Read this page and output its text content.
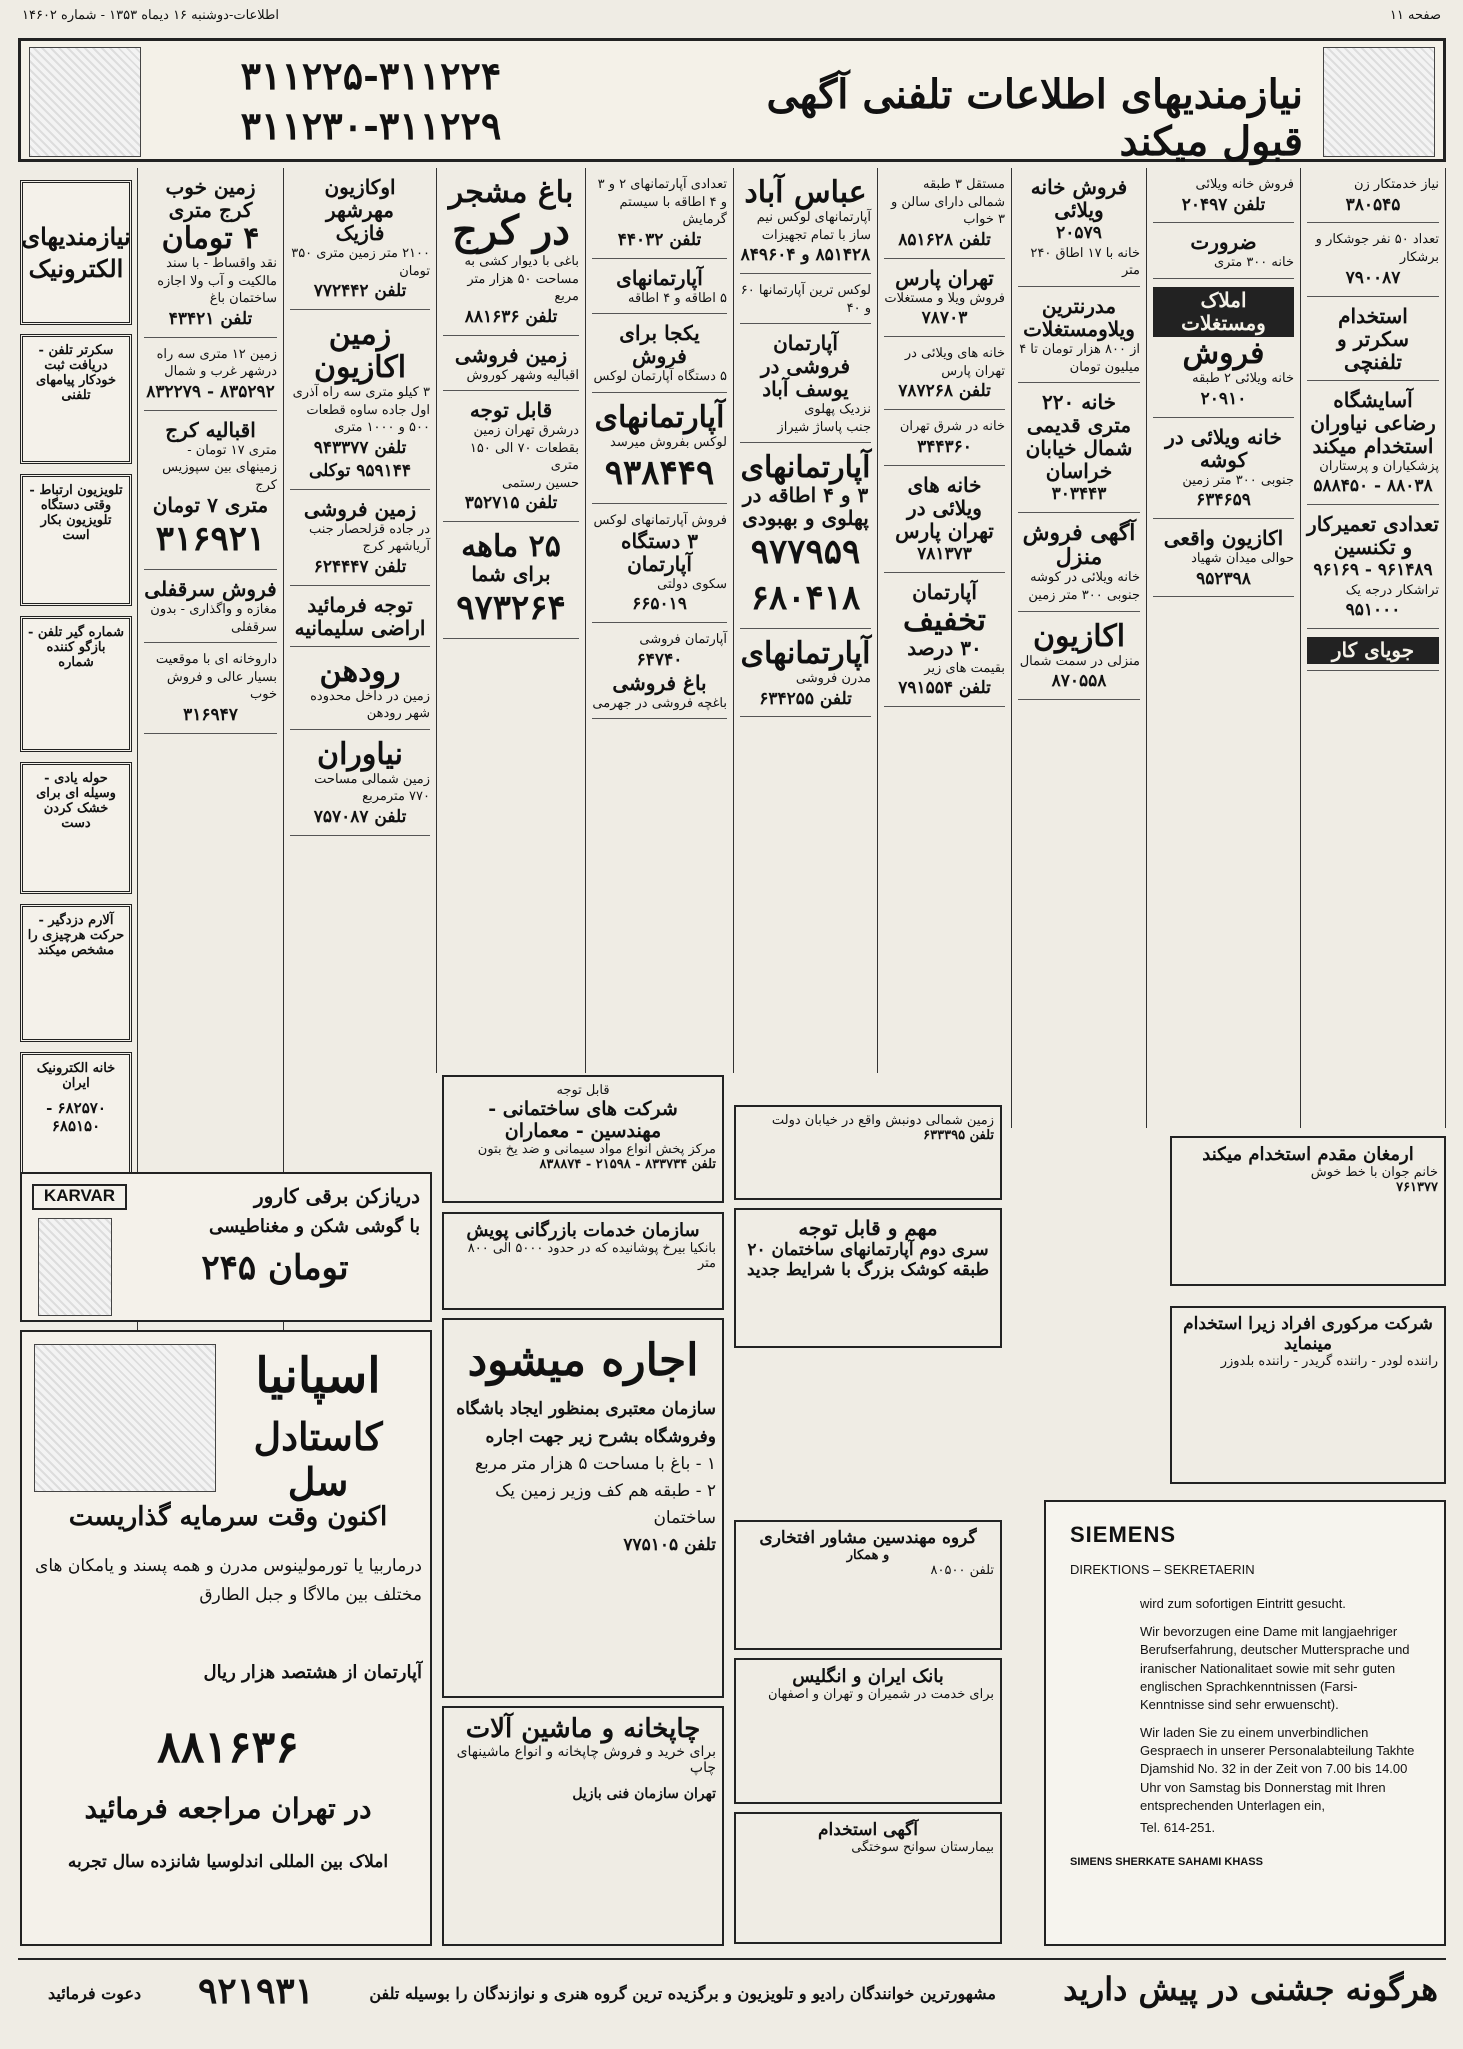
صفحه ۱۱
اطلاعات-دوشنبه ۱۶ دیماه ۱۳۵۳ - شماره ۱۴۶۰۲
نیازمندیهای اطلاعات تلفنی آگهی قبول میکند
۳۱۱۲۲۵-۳۱۱۲۲۴
۳۱۱۲۳۰-۳۱۱۲۲۹
نیازمندیهای الکترونیک
سکرتر تلفن - دریافت ثبت خودکار پیامهای تلفنی
تلویزیون ارتباط - وقتی دستگاه تلویزیون بکار است
شماره گیر تلفن - بازگو کننده شماره
حوله یادی - وسیله ای برای خشک کردن دست
آلارم دزدگیر - حرکت هرچیزی را مشخص میکند
خانه الکترونیک ایران
۶۸۲۵۷۰ - ۶۸۵۱۵۰
زمین خوب
کرج متری
۴ تومان
نقد واقساط - با سند مالکیت و آب ولا اجازه ساختمان باغ
تلفن ۴۳۴۲۱
زمین ۱۲ متری سه راه درشهر غرب و شمال
۸۳۵۲۹۲ - ۸۳۲۲۷۹
اقبالیه کرج
متری ۱۷ تومان - زمینهای بین سپوزیس کرج
متری ۷ تومان
۳۱۶۹۲۱
فروش سرقفلی
مغازه و واگذاری - بدون سرقفلی
داروخانه ای با موقعیت بسیار عالی و فروش خوب
۳۱۶۹۴۷
اوکازیون
مهرشهر
فازیک
۲۱۰۰ متر زمین متری ۳۵۰ تومان
تلفن ۷۷۲۴۴۲
زمین
اکازیون
۳ کیلو متری سه راه آذری اول جاده ساوه قطعات ۵۰۰ و ۱۰۰۰ متری
تلفن ۹۴۳۳۷۷
۹۵۹۱۴۴ توکلی
زمین فروشی
در جاده قزلحصار جنب آریاشهر کرج
تلفن ۶۲۴۴۴۷
توجه فرمائید
اراضی سلیمانیه
رودهن
زمین در داخل محدوده شهر رودهن
نیاوران
زمین شمالی مساحت ۷۷۰ مترمربع
تلفن ۷۵۷۰۸۷
باغ مشجر
در کرج
باغی با دیوار کشی به مساحت ۵۰ هزار متر مربع
تلفن ۸۸۱۶۳۶
زمین فروشی
اقبالیه وشهر کوروش
قابل توجه
درشرق تهران زمین بقطعات ۷۰ الی ۱۵۰ متری
حسین رستمی
تلفن ۳۵۲۷۱۵
۲۵ ماهه
برای شما
۹۷۳۲۶۴
تعدادی آپارتمانهای ۲ و ۳ و ۴ اطاقه با سیستم گرمایش
تلفن ۴۴۰۳۲
آپارتمانهای
۵ اطاقه و ۴ اطاقه
یکجا برای فروش
۵ دستگاه آپارتمان لوکس
آپارتمانهای
لوکس بفروش میرسد
۹۳۸۴۴۹
فروش آپارتمانهای لوکس
۳ دستگاه آپارتمان
سکوی دولتی
۶۶۵۰۱۹
آپارتمان فروشی
۶۴۷۴۰
باغ فروشی
باغچه فروشی در جهرمی
عباس آباد
آپارتمانهای لوکس نیم ساز با تمام تجهیزات
۸۵۱۴۲۸ و ۸۴۹۶۰۴
لوکس ترین آپارتمانها ۶۰ و ۴۰
آپارتمان فروشی در یوسف آباد
نزدیک پهلوی
جنب پاساژ شیراز
آپارتمانهای
۳ و ۴ اطاقه در پهلوی و بهبودی
۹۷۷۹۵۹
۶۸۰۴۱۸
آپارتمانهای
مدرن فروشی
تلفن ۶۳۴۲۵۵
مستقل ۳ طبقه شمالی دارای سالن و ۳ خواب
تلفن ۸۵۱۶۲۸
تهران پارس
فروش ویلا و مستغلات
۷۸۷۰۳
خانه های ویلائی در تهران پارس
تلفن ۷۸۷۲۶۸
خانه در شرق تهران
۳۴۴۳۶۰
خانه های ویلائی در تهران پارس
۷۸۱۳۷۳
آپارتمان
تخفیف
۳۰ درصد
بقیمت های زیر
تلفن ۷۹۱۵۵۴
فروش خانه ویلائی
۲۰۵۷۹
خانه با ۱۷ اطاق ۲۴۰ متر
مدرنترین ویلاومستغلات
از ۸۰۰ هزار تومان تا ۴ میلیون تومان
خانه ۲۲۰ متری قدیمی شمال خیابان خراسان
۳۰۳۴۴۳
آگهی فروش منزل
خانه ویلائی در کوشه جنوبی ۳۰۰ متر زمین
اکازیون
منزلی در سمت شمال
۸۷۰۵۵۸
فروش خانه ویلائی
تلفن ۲۰۴۹۷
ضرورت
خانه ۳۰۰ متری
املاک ومستغلات
فروش
خانه ویلائی ۲ طبقه
۲۰۹۱۰
خانه ویلائی در کوشه
جنوبی ۳۰۰ متر زمین
۶۳۴۶۵۹
اکازیون واقعی
حوالی میدان شهیاد
۹۵۲۳۹۸
نیاز خدمتکار زن
۳۸۰۵۴۵
تعداد ۵۰ نفر جوشکار و برشکار
۷۹۰۰۸۷
استخدام سکرتر و تلفنچی
آسایشگاه
رضاعی نیاوران استخدام میکند
پزشکیاران و پرستاران
۸۸۰۳۸ - ۵۸۸۴۵۰
تعدادی تعمیرکار و تکنسین
۹۶۱۴۸۹ - ۹۶۱۶۹
تراشکار درجه یک
۹۵۱۰۰۰
جویای کار
قابل توجه
شرکت های ساختمانی - مهندسین - معماران
مرکز پخش انواع مواد سیمانی و ضد یخ بتون
تلفن ۸۳۳۷۳۴ - ۲۱۵۹۸ - ۸۳۸۸۷۴
سازمان خدمات بازرگانی پویش
بانکیا بیرخ پوشانیده که در حدود ۵۰۰۰ الی ۸۰۰ متر
اجاره میشود
سازمان معتبری بمنظور ایجاد باشگاه
وفروشگاه بشرح زیر جهت اجاره
۱ - باغ با مساحت ۵ هزار متر مربع
۲ - طبقه هم کف وزیر زمین یک ساختمان
تلفن ۷۷۵۱۰۵
چاپخانه و ماشین آلات
برای خرید و فروش چاپخانه و انواع ماشینهای چاپ
تهران سازمان فنی بازیل
زمین شمالی دونبش واقع در خیابان دولت
تلفن ۶۳۳۳۹۵
مهم و قابل توجه
سری دوم آپارتمانهای ساختمان ۲۰ طبقه کوشک بزرگ با شرایط جدید
گروه مهندسین مشاور افتخاری
و همکار
تلفن ۸۰۵۰۰
بانک ایران و انگلیس
برای خدمت در شمیران و تهران و اصفهان
آگهی استخدام
بیمارستان سوانح سوختگی
ارمغان مقدم استخدام میکند
خانم جوان با خط خوش
۷۶۱۳۷۷
شرکت مرکوری افراد زیرا استخدام مینماید
راننده لودر - راننده گریدر - راننده بلدوزر
SIEMENS
DIREKTIONS – SEKRETAERIN
wird zum sofortigen Eintritt gesucht.
Wir bevorzugen eine Dame mit langjaehriger Berufserfahrung, deutscher Muttersprache und iranischer Nationalitaet sowie mit sehr guten englischen Sprachkenntnissen (Farsi-Kenntnisse sind sehr erwuenscht).
Wir laden Sie zu einem unverbindlichen Gespraech in unserer Personalabteilung Takhte Djamshid No. 32 in der Zeit von 7.00 bis 14.00 Uhr von Samstag bis Donnerstag mit Ihren entsprechenden Unterlagen ein,
Tel. 614-251.
SIMENS SHERKATE SAHAMI KHASS
KARVAR	دریازکن برقی کارور
با گوشی شکن و مغناطیسی
۲۴۵ تومان
اسپانیا
کاستادل سل
اکنون وقت سرمایه گذاریست
درماربیا یا تورمولینوس مدرن و همه پسند و یامکان های مختلف بین مالاگا و جبل الطارق
آپارتمان از هشتصد هزار ریال
۸۸۱۶۳۶
در تهران مراجعه فرمائید
املاک بین المللی اندلوسیا شانزده سال تجربه
هرگونه جشنی در پیش دارید
مشهورترین خوانندگان رادیو و تلویزیون و برگزیده ترین گروه هنری و نوازندگان را بوسیله تلفن
۹۲۱۹۳۱
دعوت فرمائید
